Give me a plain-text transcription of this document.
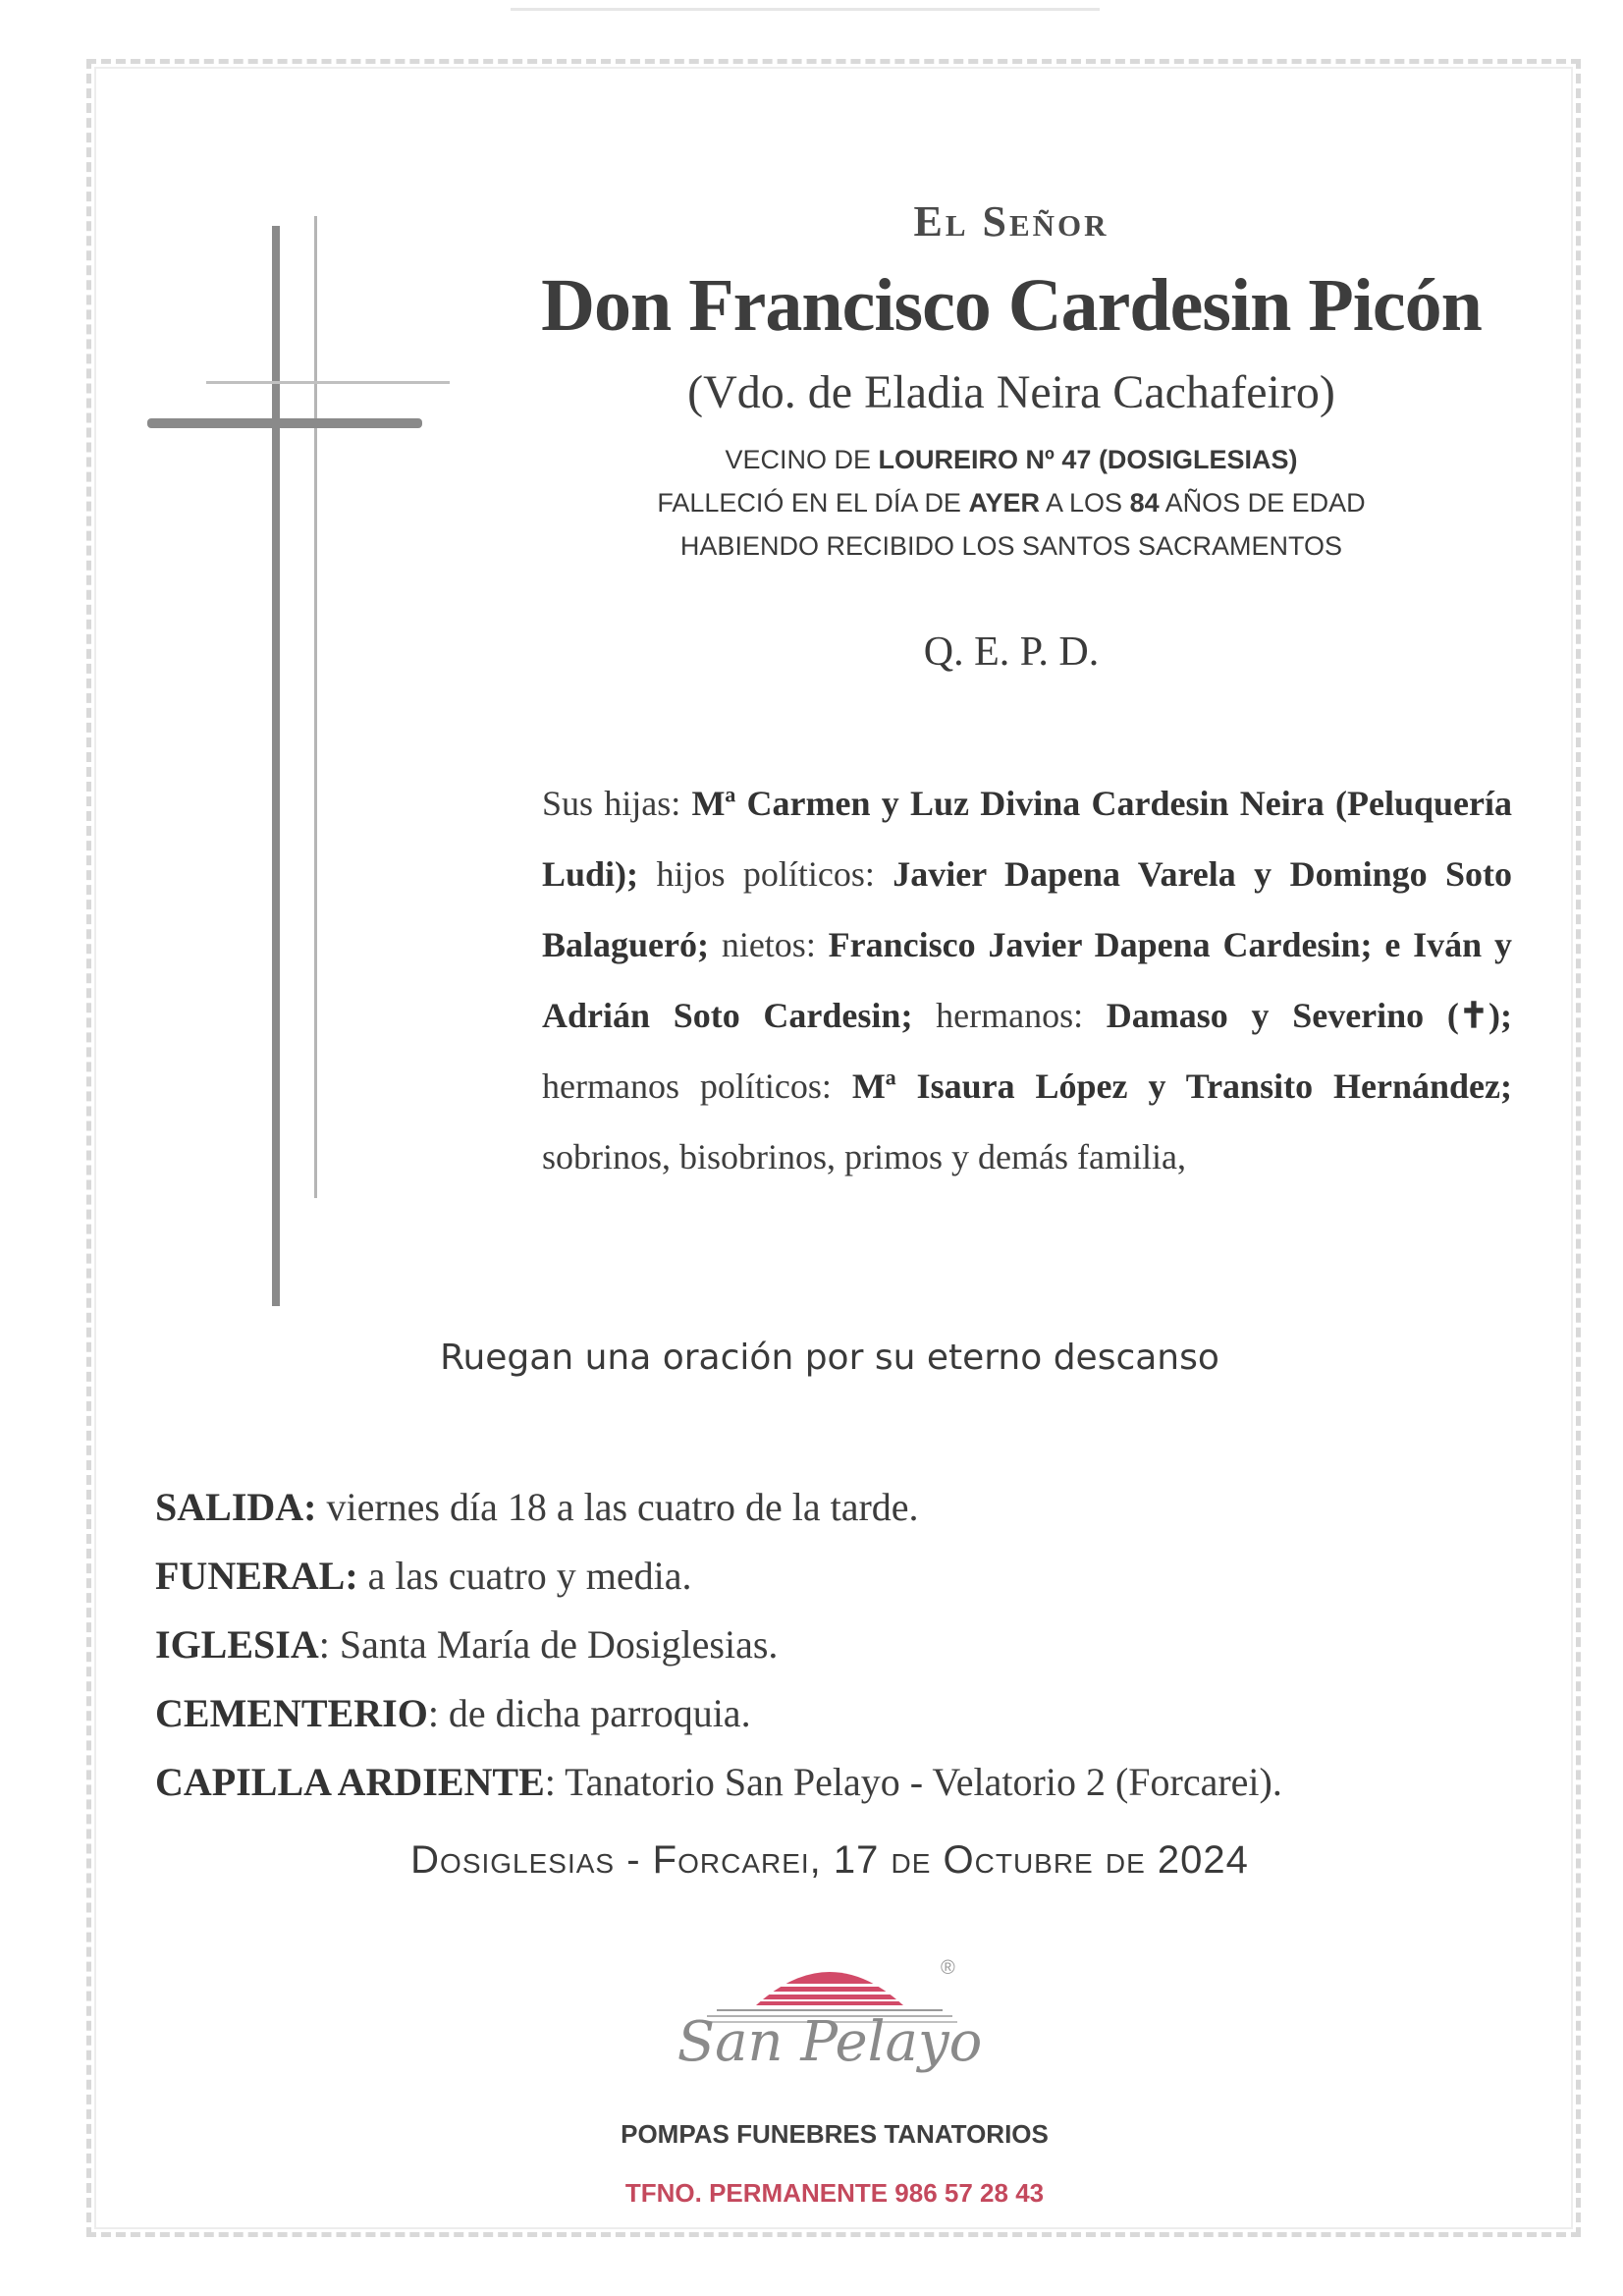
El Señor
Don Francisco Cardesin Picón
(Vdo. de Eladia Neira Cachafeiro)
VECINO DE LOUREIRO Nº 47 (DOSIGLESIAS)
FALLECIÓ EN EL DÍA DE AYER A LOS 84 AÑOS DE EDAD
HABIENDO RECIBIDO LOS SANTOS SACRAMENTOS
Q. E. P. D.
Sus hijas: Mª Carmen y Luz Divina Cardesin Neira (Peluquería Ludi); hijos políticos: Javier Dapena Varela y Domingo Soto Balagueró; nietos: Francisco Javier Dapena Cardesin; e Iván y Adrián Soto Cardesin; hermanos: Damaso y Severino (✝); hermanos políticos: Mª Isaura López y Transito Hernández; sobrinos, bisobrinos, primos y demás familia,
Ruegan una oración por su eterno descanso
SALIDA: viernes día 18 a las cuatro de la tarde.
FUNERAL: a las cuatro y media.
IGLESIA: Santa María de Dosiglesias.
CEMENTERIO: de dicha parroquia.
CAPILLA ARDIENTE: Tanatorio San Pelayo - Velatorio 2 (Forcarei).
Dosiglesias - Forcarei, 17 de Octubre de 2024
San Pelayo
®
POMPAS FUNEBRES TANATORIOS
TFNO. PERMANENTE 986 57 28 43
